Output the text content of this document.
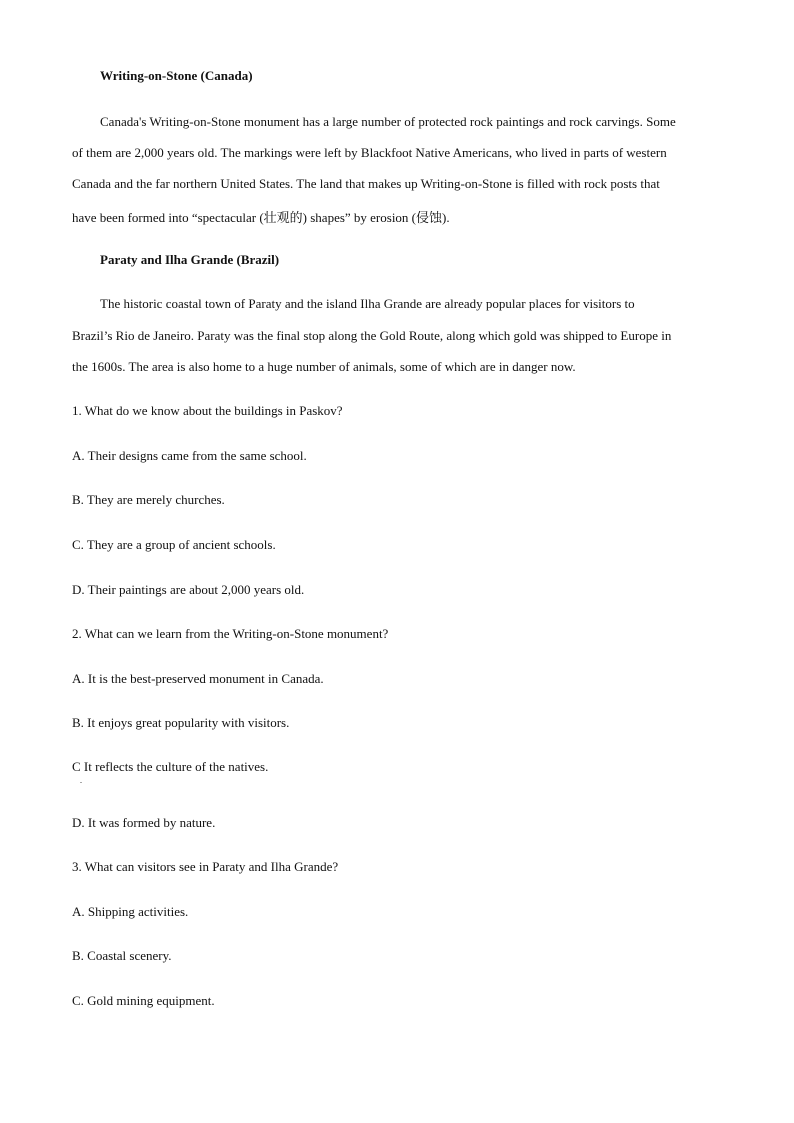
Writing-on-Stone (Canada)
Canada's Writing-on-Stone monument has a large number of protected rock paintings and rock carvings. Some
of them are 2,000 years old. The markings were left by Blackfoot Native Americans, who lived in parts of western
Canada and the far northern United States. The land that makes up Writing-on-Stone is filled with rock posts that
have been formed into “spectacular (壮观的) shapes” by erosion (侵蚀).
Paraty and Ilha Grande (Brazil)
The historic coastal town of Paraty and the island Ilha Grande are already popular places for visitors to
Brazil’s Rio de Janeiro. Paraty was the final stop along the Gold Route, along which gold was shipped to Europe in
the 1600s. The area is also home to a huge number of animals, some of which are in danger now.
1. What do we know about the buildings in Paskov?
A. Their designs came from the same school.
B. They are merely churches.
C. They are a group of ancient schools.
D. Their paintings are about 2,000 years old.
2. What can we learn from the Writing-on-Stone monument?
A. It is the best-preserved monument in Canada.
B. It enjoys great popularity with visitors.
C It reflects the culture of the natives.
.
D. It was formed by nature.
3. What can visitors see in Paraty and Ilha Grande?
A. Shipping activities.
B. Coastal scenery.
C. Gold mining equipment.
